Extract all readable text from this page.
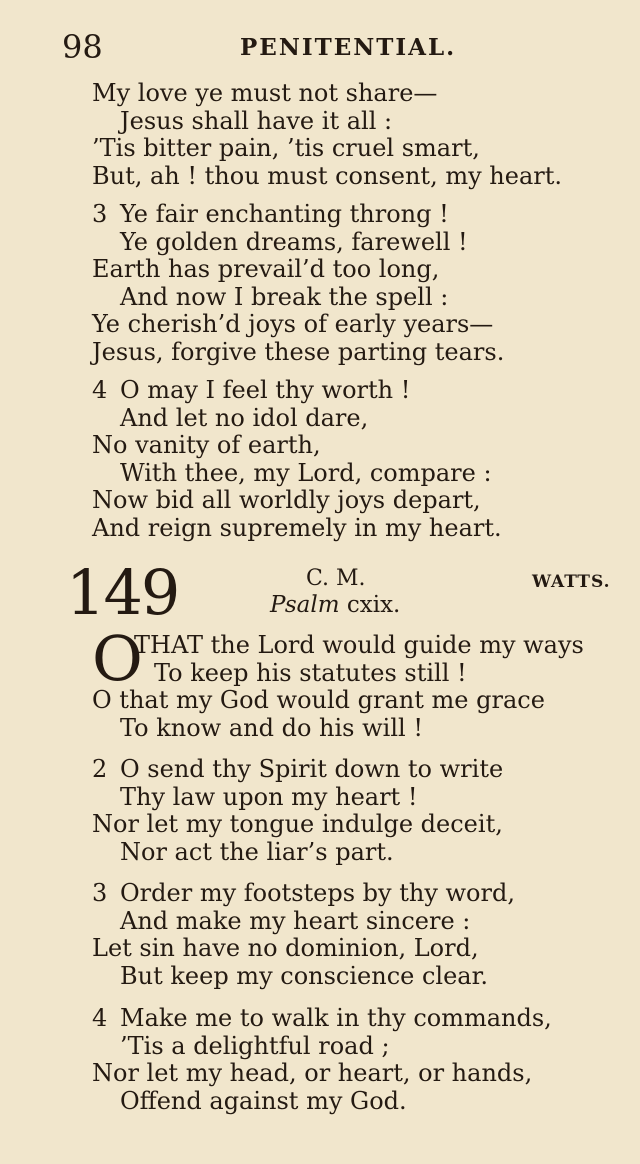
98	PENITENTIAL.
My love ye must not share—
Jesus shall have it all :
’Tis bitter pain, ’tis cruel smart,
But, ah ! thou must consent, my heart.
3 Ye fair enchanting throng !
Ye golden dreams, farewell !
Earth has prevail’d too long,
And now I break the spell :
Ye cherish’d joys of early years—
Jesus, forgive these parting tears.
4 O may I feel thy worth !
And let no idol dare,
No vanity of earth,
With thee, my Lord, compare :
Now bid all worldly joys depart,
And reign supremely in my heart.
149	C. M.	WATTS.
Psalm cxix.
O
THAT the Lord would guide my ways
To keep his statutes still !
O that my God would grant me grace
To know and do his will !
2 O send thy Spirit down to write
Thy law upon my heart !
Nor let my tongue indulge deceit,
Nor act the liar’s part.
3 Order my footsteps by thy word,
And make my heart sincere :
Let sin have no dominion, Lord,
But keep my conscience clear.
4 Make me to walk in thy commands,
’Tis a delightful road ;
Nor let my head, or heart, or hands,
Offend against my God.
